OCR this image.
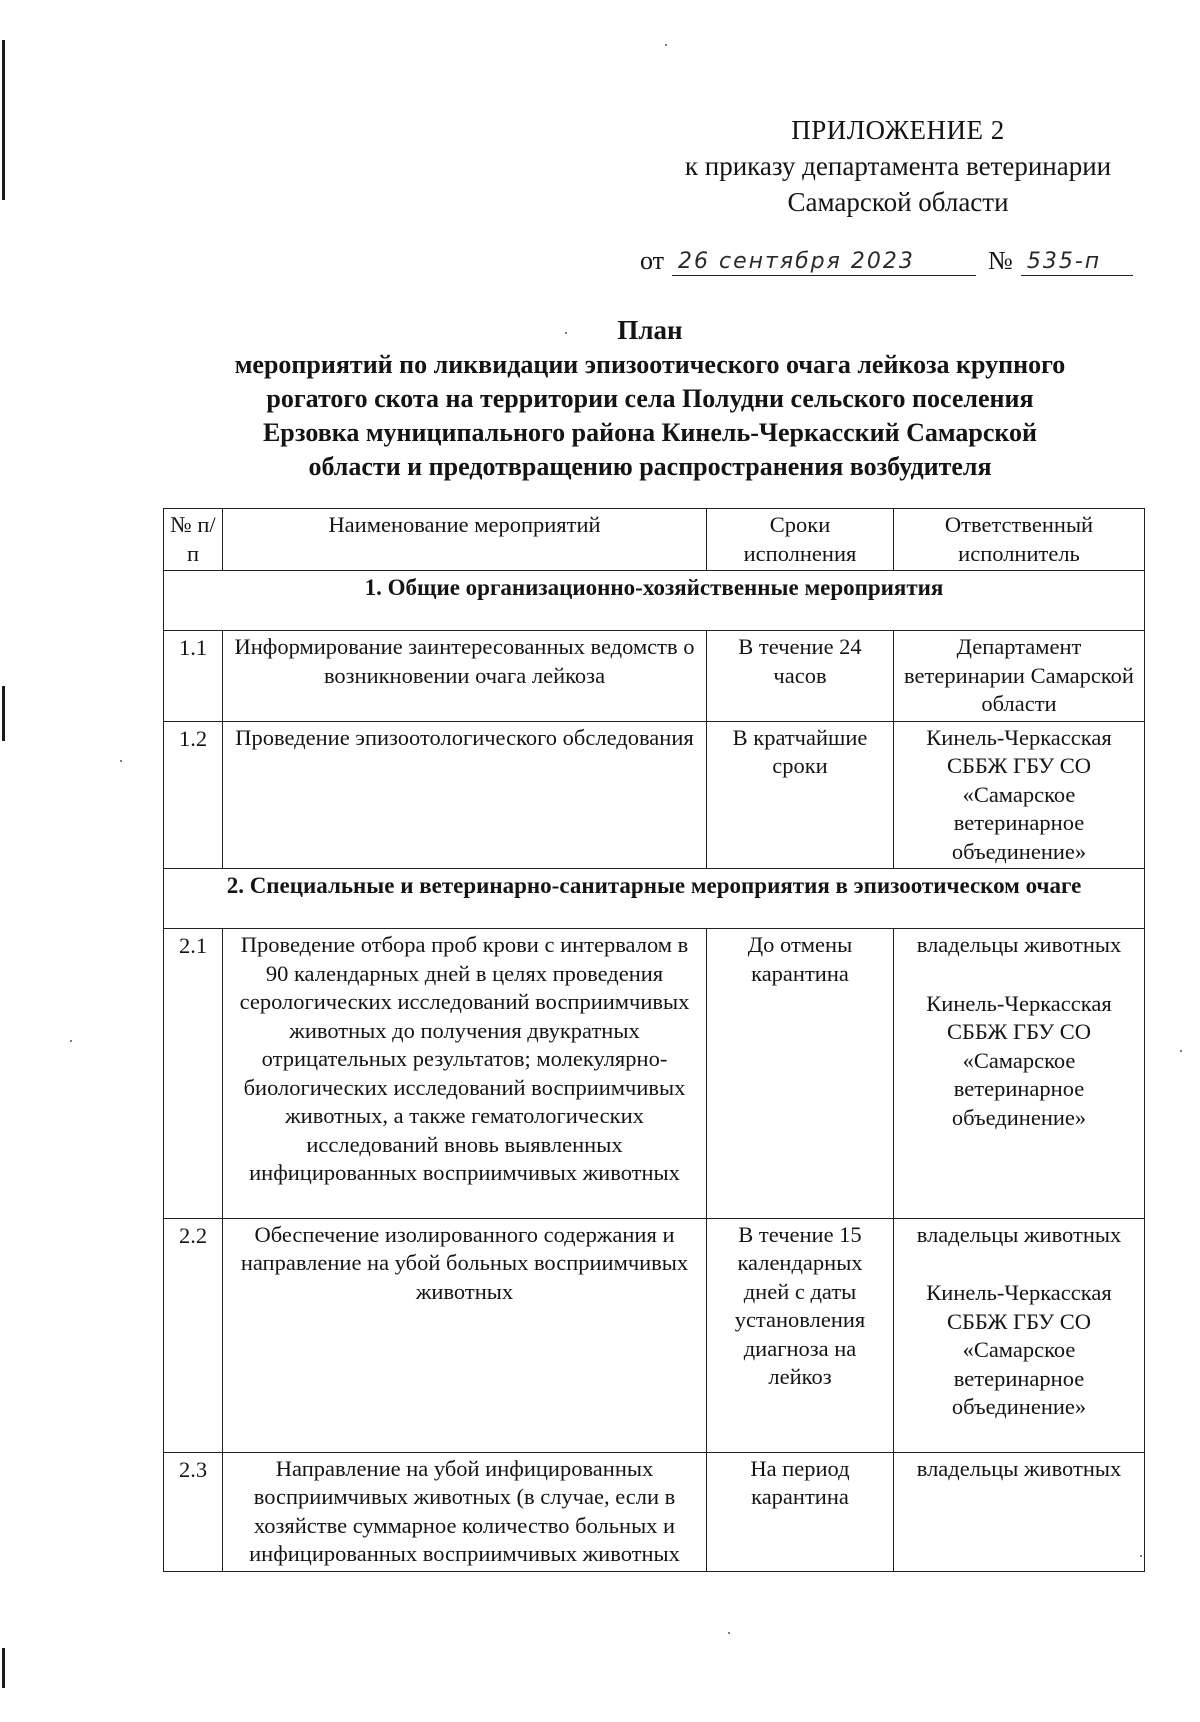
ПРИЛОЖЕНИЕ 2
к приказу департамента ветеринарии
Самарской области
от 26 сентября 2023	№ 535-п
План
мероприятий по ликвидации эпизоотического очага лейкоза крупного
рогатого скота на территории села Полудни сельского поселения
Ерзовка муниципального района Кинель-Черкасский Самарской
области и предотвращению распространения возбудителя
№ п/п	Наименование мероприятий	Сроки исполнения	Ответственный исполнитель
1. Общие организационно-хозяйственные мероприятия			
1.1	Информирование заинтересованных ведомств о возникновении очага лейкоза	В течение 24 часов	Департамент ветеринарии Самарской области
1.2	Проведение эпизоотологического обследования	В кратчайшие сроки	Кинель-Черкасская СББЖ ГБУ СО «Самарское ветеринарное объединение»
2. Специальные и ветеринарно-санитарные мероприятия в эпизоотическом очаге			
2.1	Проведение отбора проб крови с интервалом в 90 календарных дней в целях проведения серологических исследований восприимчивых животных до получения двукратных отрицательных результатов; молекулярно-биологических исследований восприимчивых животных, а также гематологических исследований вновь выявленных инфицированных восприимчивых животных	До отмены карантина	владельцы животных
Кинель-Черкасская СББЖ ГБУ СО «Самарское ветеринарное объединение»

2.2	Обеспечение изолированного содержания и направление на убой больных восприимчивых животных	В течение 15 календарных дней с даты установления диагноза на лейкоз	владельцы животных
Кинель-Черкасская СББЖ ГБУ СО «Самарское ветеринарное объединение»

2.3	Направление на убой инфицированных восприимчивых животных (в случае, если в хозяйстве суммарное количество больных и инфицированных восприимчивых животных	На период карантина	владельцы животных
